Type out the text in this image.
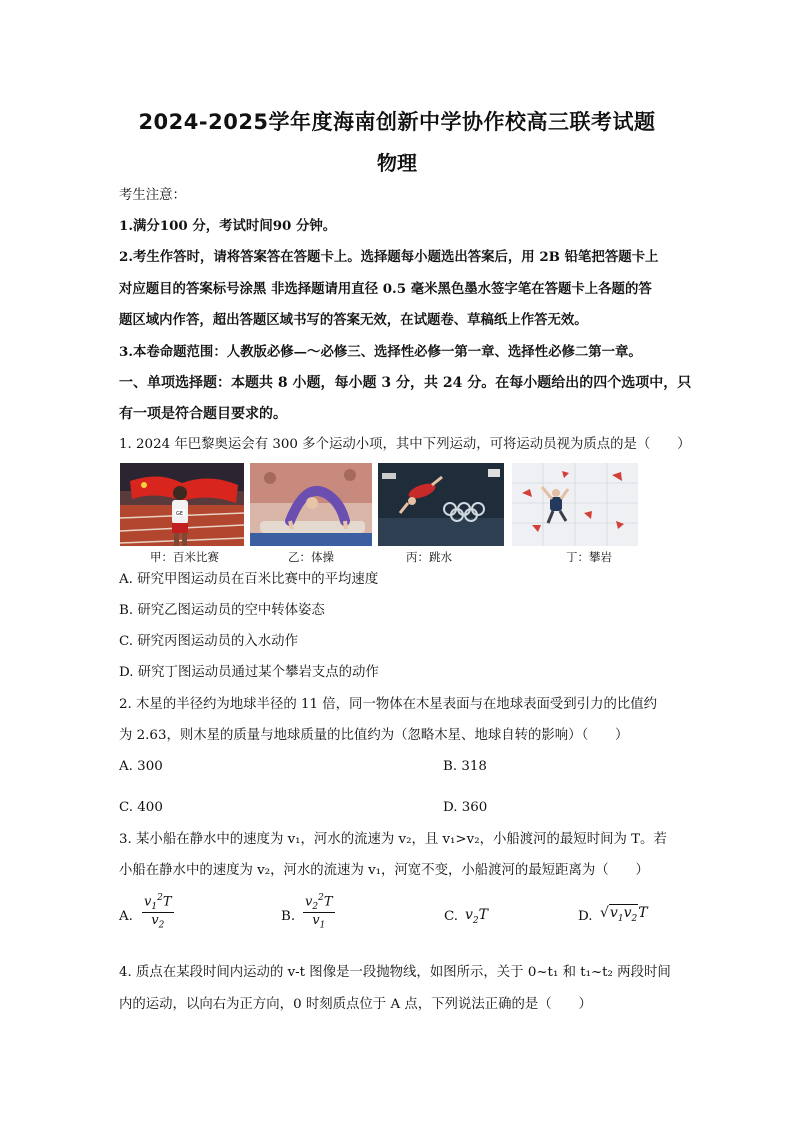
2024-2025学年度海南创新中学协作校高三联考试题
物理
考生注意：
1.满分100 分，考试时间90 分钟。
2.考生作答时，请将答案答在答题卡上。选择题每小题选出答案后，用 2B 铅笔把答题卡上
对应题目的答案标号涂黑 非选择题请用直径 0.5 毫米黑色墨水签字笔在答题卡上各题的答
题区域内作答，超出答题区域书写的答案无效，在试题卷、草稿纸上作答无效。
3.本卷命题范围：人教版必修—～必修三、选择性必修一第一章、选择性必修二第一章。
一、单项选择题：本题共 8 小题，每小题 3 分，共 24 分。在每小题给出的四个选项中，只
有一项是符合题目要求的。
1. 2024 年巴黎奥运会有 300 多个运动小项，其中下列运动，可将运动员视为质点的是（　　）
GE
甲：百米比赛	乙：体操	丙：跳水	丁：攀岩
A. 研究甲图运动员在百米比赛中的平均速度
B. 研究乙图运动员的空中转体姿态
C. 研究丙图运动员的入水动作
D. 研究丁图运动员通过某个攀岩支点的动作
2. 木星的半径约为地球半径的 11 倍，同一物体在木星表面与在地球表面受到引力的比值约
为 2.63，则木星的质量与地球质量的比值约为（忽略木星、地球自转的影响）（　　）
A. 300	B. 318
C. 400	D. 360
3. 某小船在静水中的速度为 v₁，河水的流速为 v₂，且 v₁>v₂，小船渡河的最短时间为 T。若
小船在静水中的速度为 v₂，河水的流速为 v₁，河宽不变，小船渡河的最短距离为（　　）
A. $\frac{v_1^2T}{v_2}$	B. $\frac{v_2^2T}{v_1}$	C. $v_2T$	D. $√v_1v_2T$
4. 质点在某段时间内运动的 v-t 图像是一段抛物线，如图所示，关于 0~t₁ 和 t₁~t₂ 两段时间
内的运动，以向右为正方向，0 时刻质点位于 A 点，下列说法正确的是（　　）
